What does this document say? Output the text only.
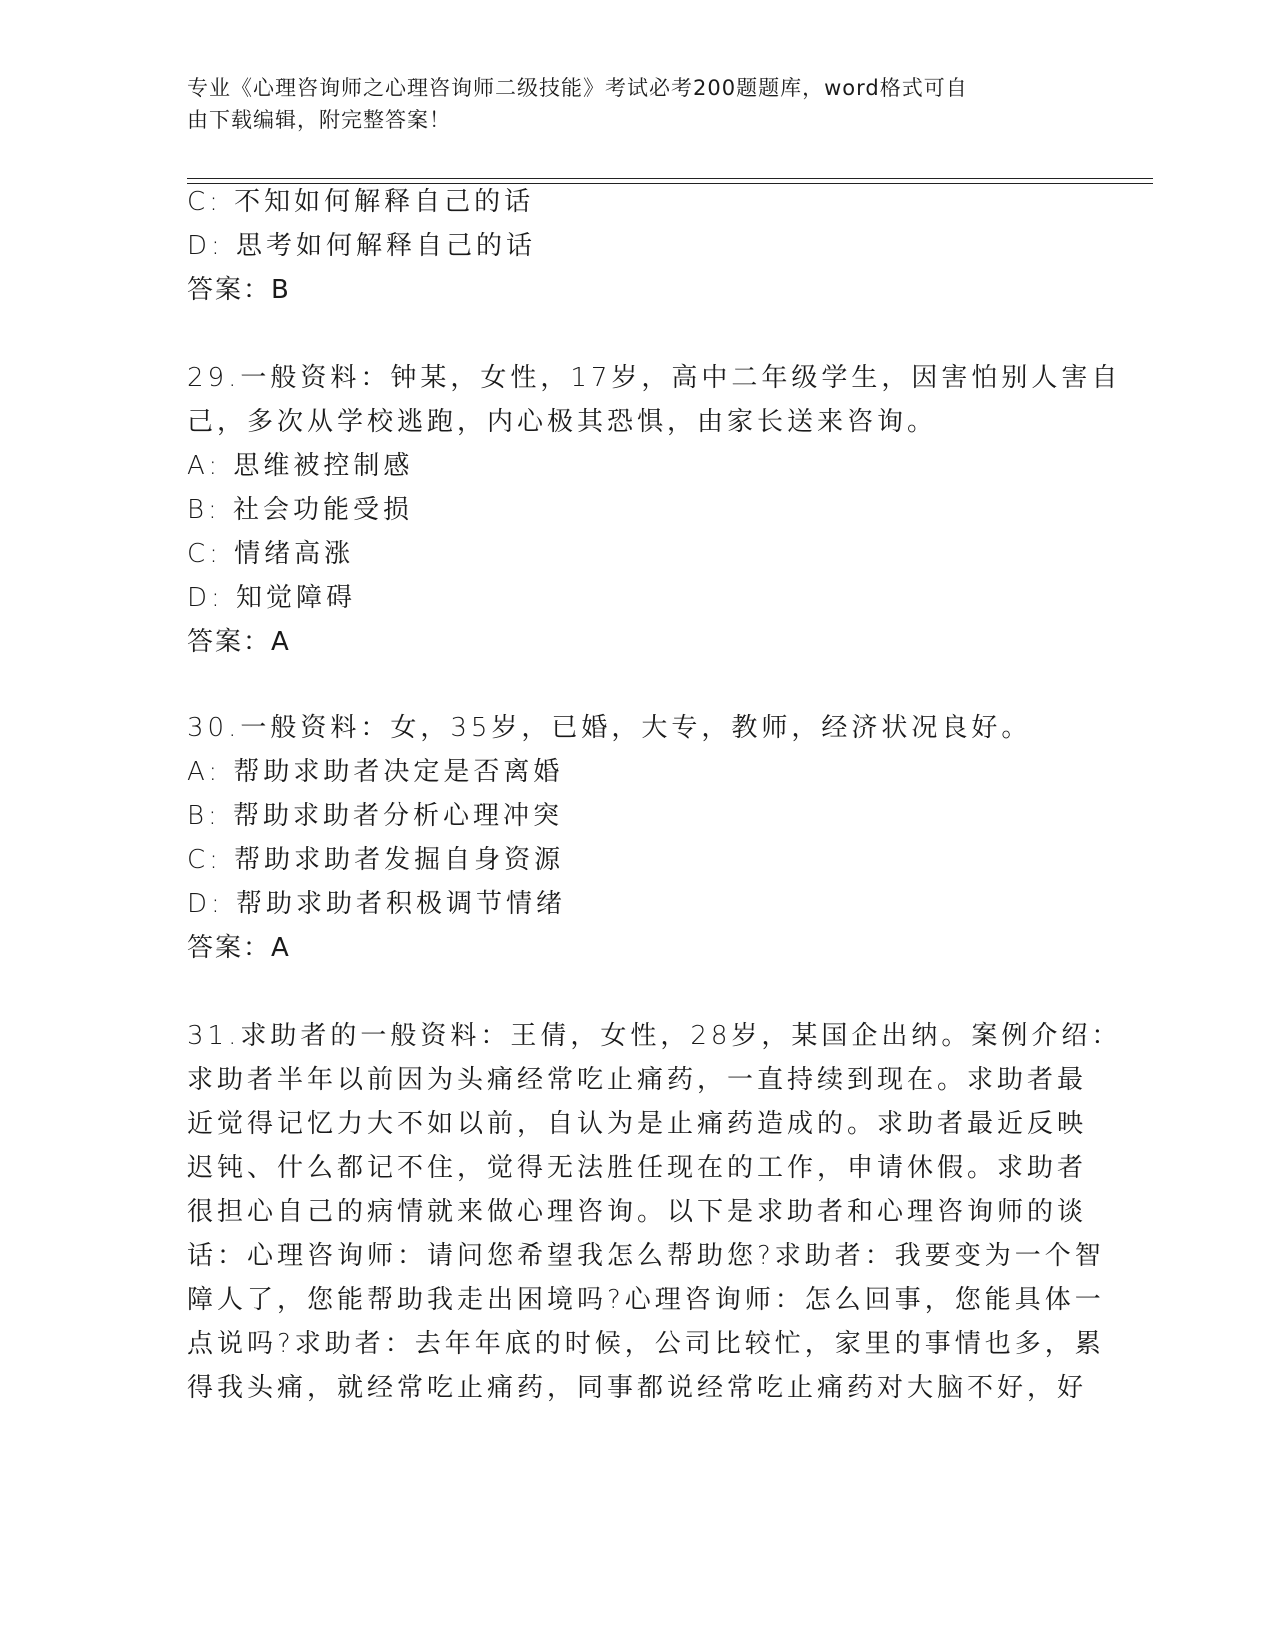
专业《心理咨询师之心理咨询师二级技能》考试必考200题题库，word格式可自
由下载编辑，附完整答案！
C: 不知如何解释自己的话
D: 思考如何解释自己的话
答案：B
29.一般资料：钟某，女性，17岁，高中二年级学生，因害怕别人害自
己，多次从学校逃跑，内心极其恐惧，由家长送来咨询。
A: 思维被控制感
B: 社会功能受损
C: 情绪高涨
D: 知觉障碍
答案：A
30.一般资料：女，35岁，已婚，大专，教师，经济状况良好。
A: 帮助求助者决定是否离婚
B: 帮助求助者分析心理冲突
C: 帮助求助者发掘自身资源
D: 帮助求助者积极调节情绪
答案：A
31.求助者的一般资料：王倩，女性，28岁，某国企出纳。案例介绍：
求助者半年以前因为头痛经常吃止痛药，一直持续到现在。求助者最
近觉得记忆力大不如以前，自认为是止痛药造成的。求助者最近反映
迟钝、什么都记不住，觉得无法胜任现在的工作，申请休假。求助者
很担心自己的病情就来做心理咨询。以下是求助者和心理咨询师的谈
话：心理咨询师：请问您希望我怎么帮助您?求助者：我要变为一个智
障人了，您能帮助我走出困境吗?心理咨询师：怎么回事，您能具体一
点说吗?求助者：去年年底的时候，公司比较忙，家里的事情也多，累
得我头痛，就经常吃止痛药，同事都说经常吃止痛药对大脑不好，好
